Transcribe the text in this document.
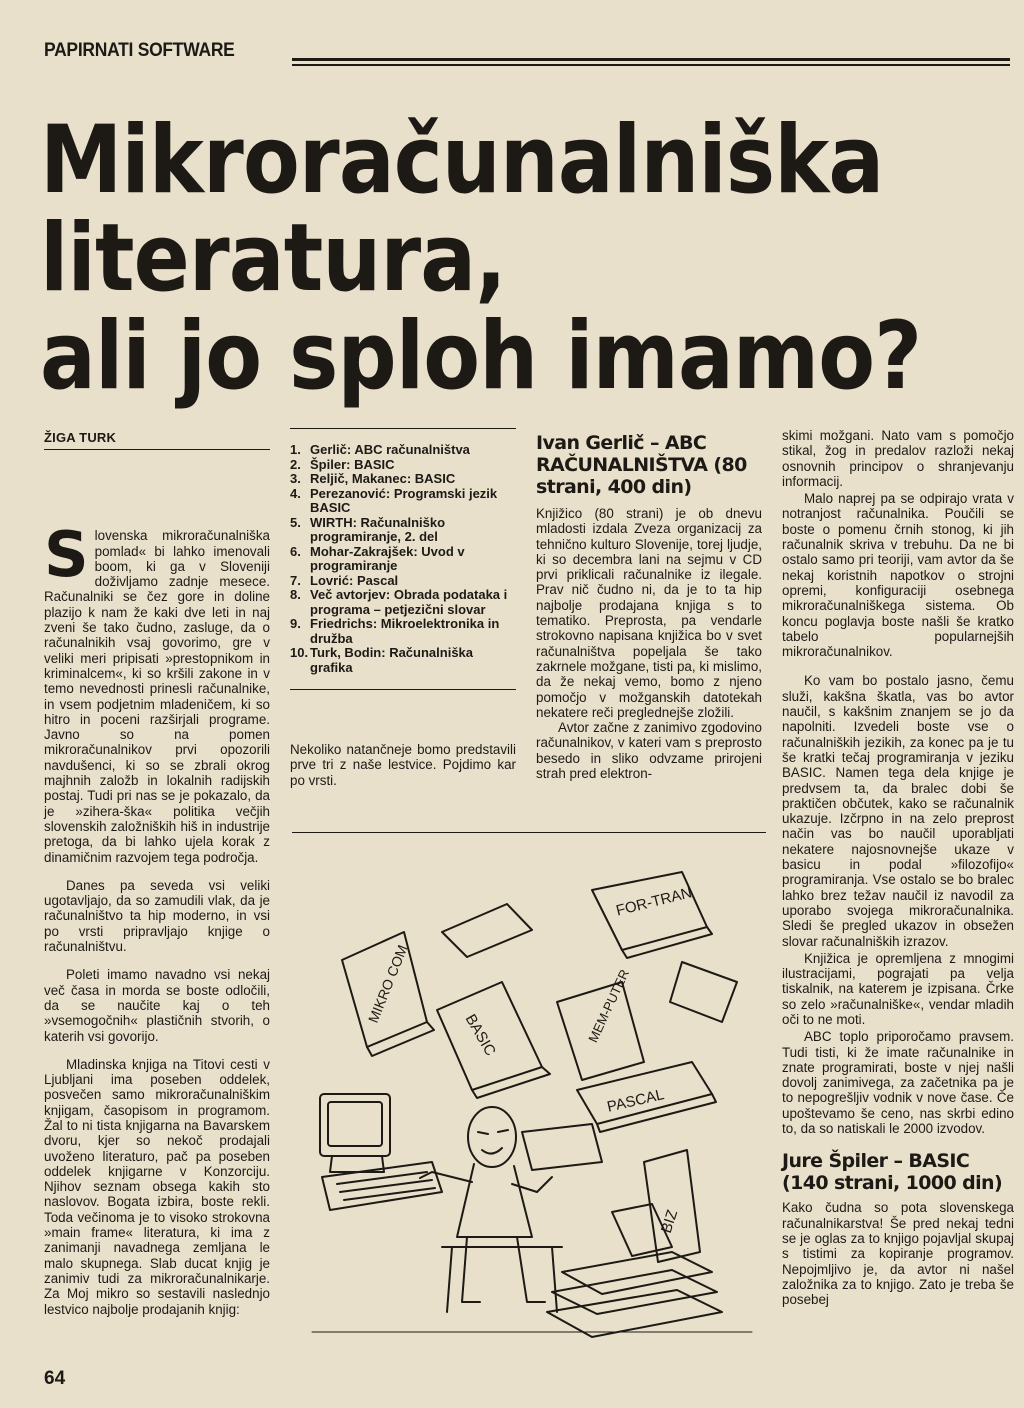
PAPIRNATI SOFTWARE
Mikroračunalniška
literatura,
ali jo sploh imamo?
ŽIGA TURK

Slovenska mikroračunalniška pomlad« bi lahko imenovali boom, ki ga v Sloveniji doživljamo zadnje mesece. Računalniki se čez gore in doline plazijo k nam že kaki dve leti in naj zveni še tako čudno, zasluge, da o računalnikih vsaj govorimo, gre v veliki meri pripisati »prestopnikom in kriminalcem«, ki so kršili zakone in v temo nevednosti prinesli računalnike, in vsem podjetnim mladeničem, ki so hitro in poceni razširjali programe. Javno so na pomen mikroračunalnikov prvi opozorili navdušenci, ki so se zbrali okrog majhnih založb in lokalnih radijskih postaj. Tudi pri nas se je pokazalo, da je »zihera-ška« politika večjih slovenskih založniških hiš in industrije pretoga, da bi lahko ujela korak z dinamičnim razvojem tega področja.

Danes pa seveda vsi veliki ugotavljajo, da so zamudili vlak, da je računalništvo ta hip moderno, in vsi po vrsti pripravljajo knjige o računalništvu.

Poleti imamo navadno vsi nekaj več časa in morda se boste odločili, da se naučite kaj o teh »vsemogočnih« plastičnih stvorih, o katerih vsi govorijo.

Mladinska knjiga na Titovi cesti v Ljubljani ima poseben oddelek, posvečen samo mikroračunalniškim knjigam, časopisom in programom. Žal to ni tista knjigarna na Bavarskem dvoru, kjer so nekoč prodajali uvoženo literaturo, pač pa poseben oddelek knjigarne v Konzorciju. Njihov seznam obsega kakih sto naslovov. Bogata izbira, boste rekli. Toda večinoma je to visoko strokovna »main frame« literatura, ki ima z zanimanji navadnega zemljana le malo skupnega. Slab ducat knjig je zanimiv tudi za mikroračunalnikarje. Za Moj mikro so sestavili naslednjo lestvico najbolje prodajanih knjig:

1. Gerlič: ABC računalništva
2. Špiler: BASIC
3. Reljič, Makanec: BASIC
4. Perezanović: Programski jezik BASIC
5. WIRTH: Računalniško programiranje, 2. del
6. Mohar-Zakrajšek: Uvod v programiranje
7. Lovrić: Pascal
8. Več avtorjev: Obrada podataka i programa – petjezični slovar
9. Friedrichs: Mikroelektronika in družba
10. Turk, Bodin: Računalniška grafika
Nekoliko natančneje bomo predstavili prve tri z naše lestvice. Pojdimo kar po vrsti.
Ivan Gerlič – ABC RAČUNALNIŠTVA (80 strani, 400 din)

Knjižico (80 strani) je ob dnevu mladosti izdala Zveza organizacij za tehnično kulturo Slovenije, torej ljudje, ki so decembra lani na sejmu v CD prvi priklicali računalnike iz ilegale. Prav nič čudno ni, da je to ta hip najbolje prodajana knjiga s to tematiko. Preprosta, pa vendarle strokovno napisana knjižica bo v svet računalništva popeljala še tako zakrnele možgane, tisti pa, ki mislimo, da že nekaj vemo, bomo z njeno pomočjo v možganskih datotekah nekatere reči preglednejše zložili.

Avtor začne z zanimivo zgodovino računalnikov, v kateri vam s preprosto besedo in sliko odvzame prirojeni strah pred elektron-

skimi možgani. Nato vam s pomočjo stikal, žog in predalov razloži nekaj osnovnih principov o shranjevanju informacij.

Malo naprej pa se odpirajo vrata v notranjost računalnika. Poučili se boste o pomenu črnih stonog, ki jih računalnik skriva v trebuhu. Da ne bi ostalo samo pri teoriji, vam avtor da še nekaj koristnih napotkov o strojni opremi, konfiguraciji osebnega mikroračunalniškega sistema. Ob koncu poglavja boste našli še kratko tabelo popularnejših mikroračunalnikov.

Ko vam bo postalo jasno, čemu služi, kakšna škatla, vas bo avtor naučil, s kakšnim znanjem se jo da napolniti. Izvedeli boste vse o računalniških jezikih, za konec pa je tu še kratki tečaj programiranja v jeziku BASIC. Namen tega dela knjige je predvsem ta, da bralec dobi še praktičen občutek, kako se računalnik ukazuje. Izčrpno in na zelo preprost način vas bo naučil uporabljati nekatere najosnovnejše ukaze v basicu in podal »filozofijo« programiranja. Vse ostalo se bo bralec lahko brez težav naučil iz navodil za uporabo svojega mikroračunalnika. Sledi še pregled ukazov in obsežen slovar računalniških izrazov.

Knjižica je opremljena z mnogimi ilustracijami, pograjati pa velja tiskalnik, na katerem je izpisana. Črke so zelo »računalniške«, vendar mladih oči to ne moti.

ABC toplo priporočamo pravsem. Tudi tisti, ki že imate računalnike in znate programirati, boste v njej našli dovolj zanimivega, za začetnika pa je to nepogrešljiv vodnik v nove čase. Če upoštevamo še ceno, nas skrbi edino to, da so natiskali le 2000 izvodov.

Jure Špiler – BASIC (140 strani, 1000 din)

Kako čudna so pota slovenskega računalnikarstva! Še pred nekaj tedni se je oglas za to knjigo pojavljal skupaj s tistimi za kopiranje programov. Nepojmljivo je, da avtor ni našel založnika za to knjigo. Zato je treba še posebej

FOR-TRAN
MIKRO COM
BASIC	MEM-PUTER
PASCAL
BIZ
64
